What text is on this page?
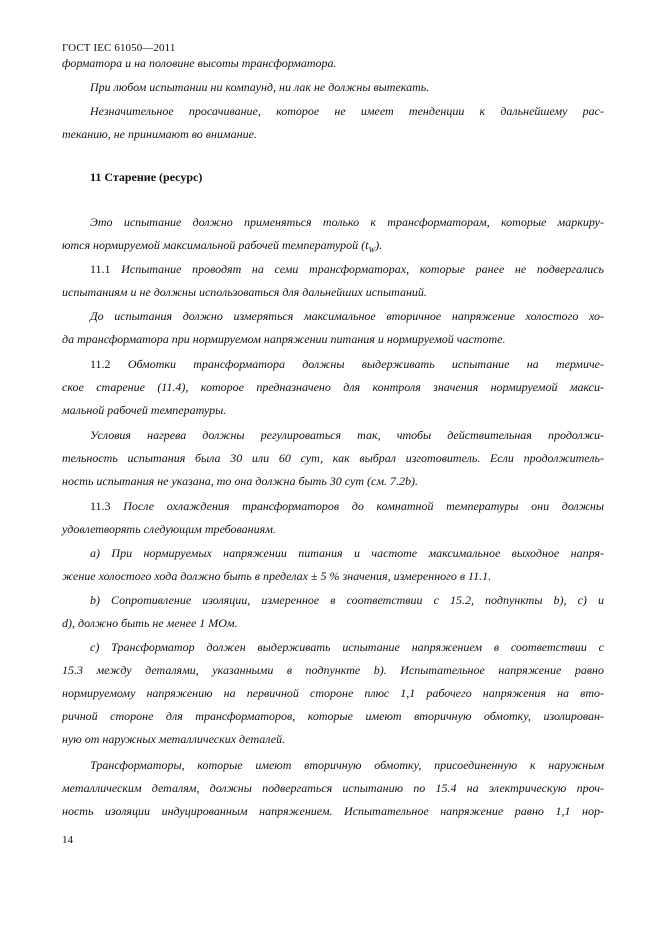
ГОСТ IEC 61050—2011

форматора и на половине высоты трансформатора.

При любом испытании ни компаунд, ни лак не должны вытекать.

Незначительное просачивание, которое не имеет тенденции к дальнейшему рас-
теканию, не принимают во внимание.

11 Старение (ресурс)

Это испытание должно применяться только к трансформаторам, которые маркиру-
ются нормируемой максимальной рабочей температурой $(t_W)$.

11.1 Испытание проводят на семи трансформаторах, которые ранее не подвергались
испытаниям и не должны использоваться для дальнейших испытаний.

До испытания должно измеряться максимальное вторичное напряжение холостого хо-
да трансформатора при нормируемом напряжении питания и нормируемой частоте.

11.2 Обмотки трансформатора должны выдерживать испытание на термиче-
ское старение (11.4), которое предназначено для контроля значения нормируемой макси-
мальной рабочей температуры.

Условия нагрева должны регулироваться так, чтобы действительная продолжи-
тельность испытания была 30 или 60 сут, как выбрал изготовитель. Если продолжитель-
ность испытания не указана, то она должна быть 30 сут (см. 7.2b).

11.3 После охлаждения трансформаторов до комнатной температуры они должны
удовлетворять следующим требованиям.

a) При нормируемых напряжении питания и частоте максимальное выходное напря-
жение холостого хода должно быть в пределах ± 5 % значения, измеренного в 11.1.

b) Сопротивление изоляции, измеренное в соответствии с 15.2, подпункты b), c) и
d), должно быть не менее 1 МОм.

c) Трансформатор должен выдерживать испытание напряжением в соответствии с
15.3 между деталями, указанными в подпункте b). Испытательное напряжение равно
нормируемому напряжению на первичной стороне плюс 1,1 рабочего напряжения на вто-
ричной стороне для трансформаторов, которые имеют вторичную обмотку, изолирован-
ную от наружных металлических деталей.

Трансформаторы, которые имеют вторичную обмотку, присоединенную к наружным
металлическим деталям, должны подвергаться испытанию по 15.4 на электрическую проч-
ность изоляции индуцированным напряжением. Испытательное напряжение равно 1,1 нор-

14
